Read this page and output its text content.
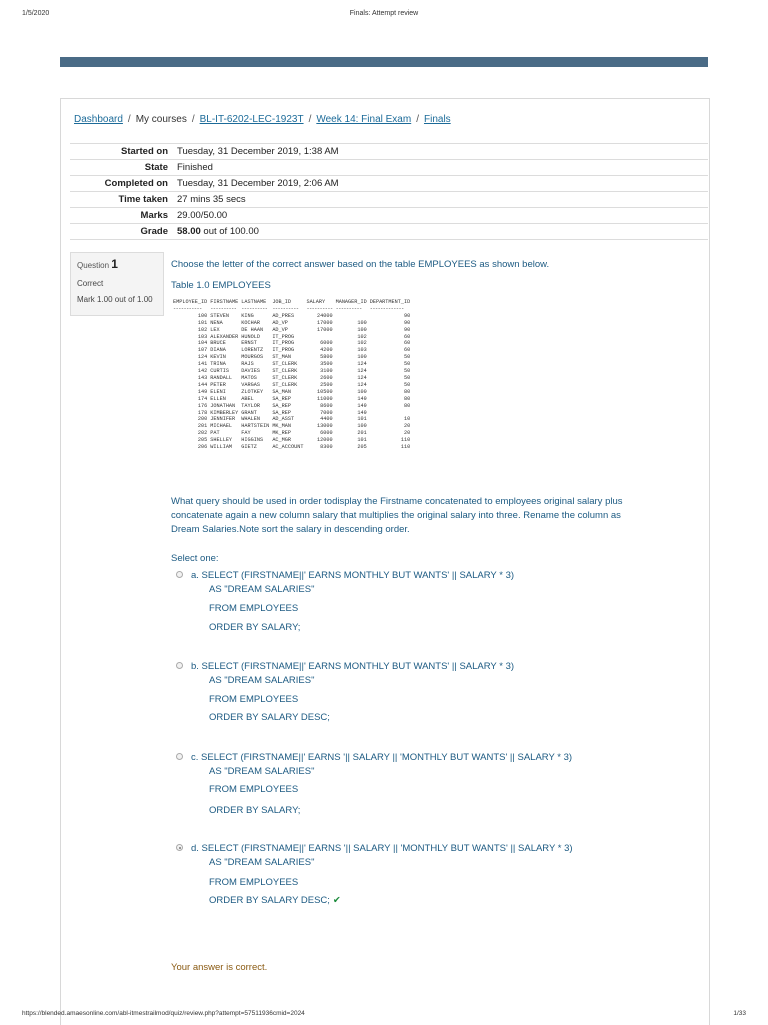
1/5/2020	Finals: Attempt review
Dashboard / My courses / BL-IT-6202-LEC-1923T / Week 14: Final Exam / Finals
Started on	Tuesday, 31 December 2019, 1:38 AM
State	Finished
Completed on	Tuesday, 31 December 2019, 2:06 AM
Time taken	27 mins 35 secs
Marks	29.00/50.00
Grade	58.00 out of 100.00
Question 1
Correct
Mark 1.00 out of 1.00
Choose the letter of the correct answer based on the table EMPLOYEES as shown below.
Table 1.0 EMPLOYEES
EMPLOYEE_ID	FIRSTNAME	LASTNAME	JOB_ID	SALARY	MANAGER_ID	DEPARTMENT_ID
-----------	----------	----------	----------	----------	----------	-------------
100	STEVEN	KING	AD_PRES	24000		90
101	NENA	KOCHAR	AD_VP	17000	100	90
102	LEX	DE HAAN	AD_VP	17000	100	90
103	ALEXANDER	HUNOLD	IT_PROG		102	60
104	BRUCE	ERNST	IT_PROG	6000	102	60
107	DIANA	LORENTZ	IT_PROG	4200	103	60
124	KEVIN	MOURGOS	ST_MAN	5800	100	50
141	TRINA	RAJS	ST_CLERK	3500	124	50
142	CURTIS	DAVIES	ST_CLERK	3100	124	50
143	RANDALL	MATOS	ST_CLERK	2600	124	50
144	PETER	VARGAS	ST_CLERK	2500	124	50
149	ELENI	ZLOTKEY	SA_MAN	10500	100	80
174	ELLEN	ABEL	SA_REP	11000	149	80
176	JONATHAN	TAYLOR	SA_REP	8600	149	80
178	KIMBERLEY	GRANT	SA_REP	7000	149	
200	JENNIFER	WHALEN	AD_ASST	4400	101	10
201	MICHAEL	HARTSTEIN	MK_MAN	13000	100	20
202	PAT	FAY	MK_REP	6000	201	20
205	SHELLEY	HIGGINS	AC_MGR	12000	101	110
206	WILLIAM	GIETZ	AC_ACCOUNT	8300	205	110
What query should be used in order todisplay the Firstname concatenated to employees original salary plus
concatenate again a new column salary that multiplies the original salary into three. Rename the column as
Dream Salaries.Note sort the salary in descending order.
Select one:
a. SELECT (FIRSTNAME||' EARNS MONTHLY BUT WANTS' || SALARY * 3)
AS "DREAM SALARIES"
FROM EMPLOYEES
ORDER BY SALARY;
b. SELECT (FIRSTNAME||' EARNS MONTHLY BUT WANTS' || SALARY * 3)
AS "DREAM SALARIES"
FROM EMPLOYEES
ORDER BY SALARY DESC;
c. SELECT (FIRSTNAME||' EARNS '|| SALARY || 'MONTHLY BUT WANTS' || SALARY * 3)
AS "DREAM SALARIES"
FROM EMPLOYEES
ORDER BY SALARY;
d. SELECT (FIRSTNAME||' EARNS '|| SALARY || 'MONTHLY BUT WANTS' || SALARY * 3)
AS "DREAM SALARIES"
FROM EMPLOYEES
ORDER BY SALARY DESC; ✔
Your answer is correct.
https://blended.amaesonline.com/abl-itmestrailmod/quiz/review.php?attempt=57511936cmid=2024	1/33
